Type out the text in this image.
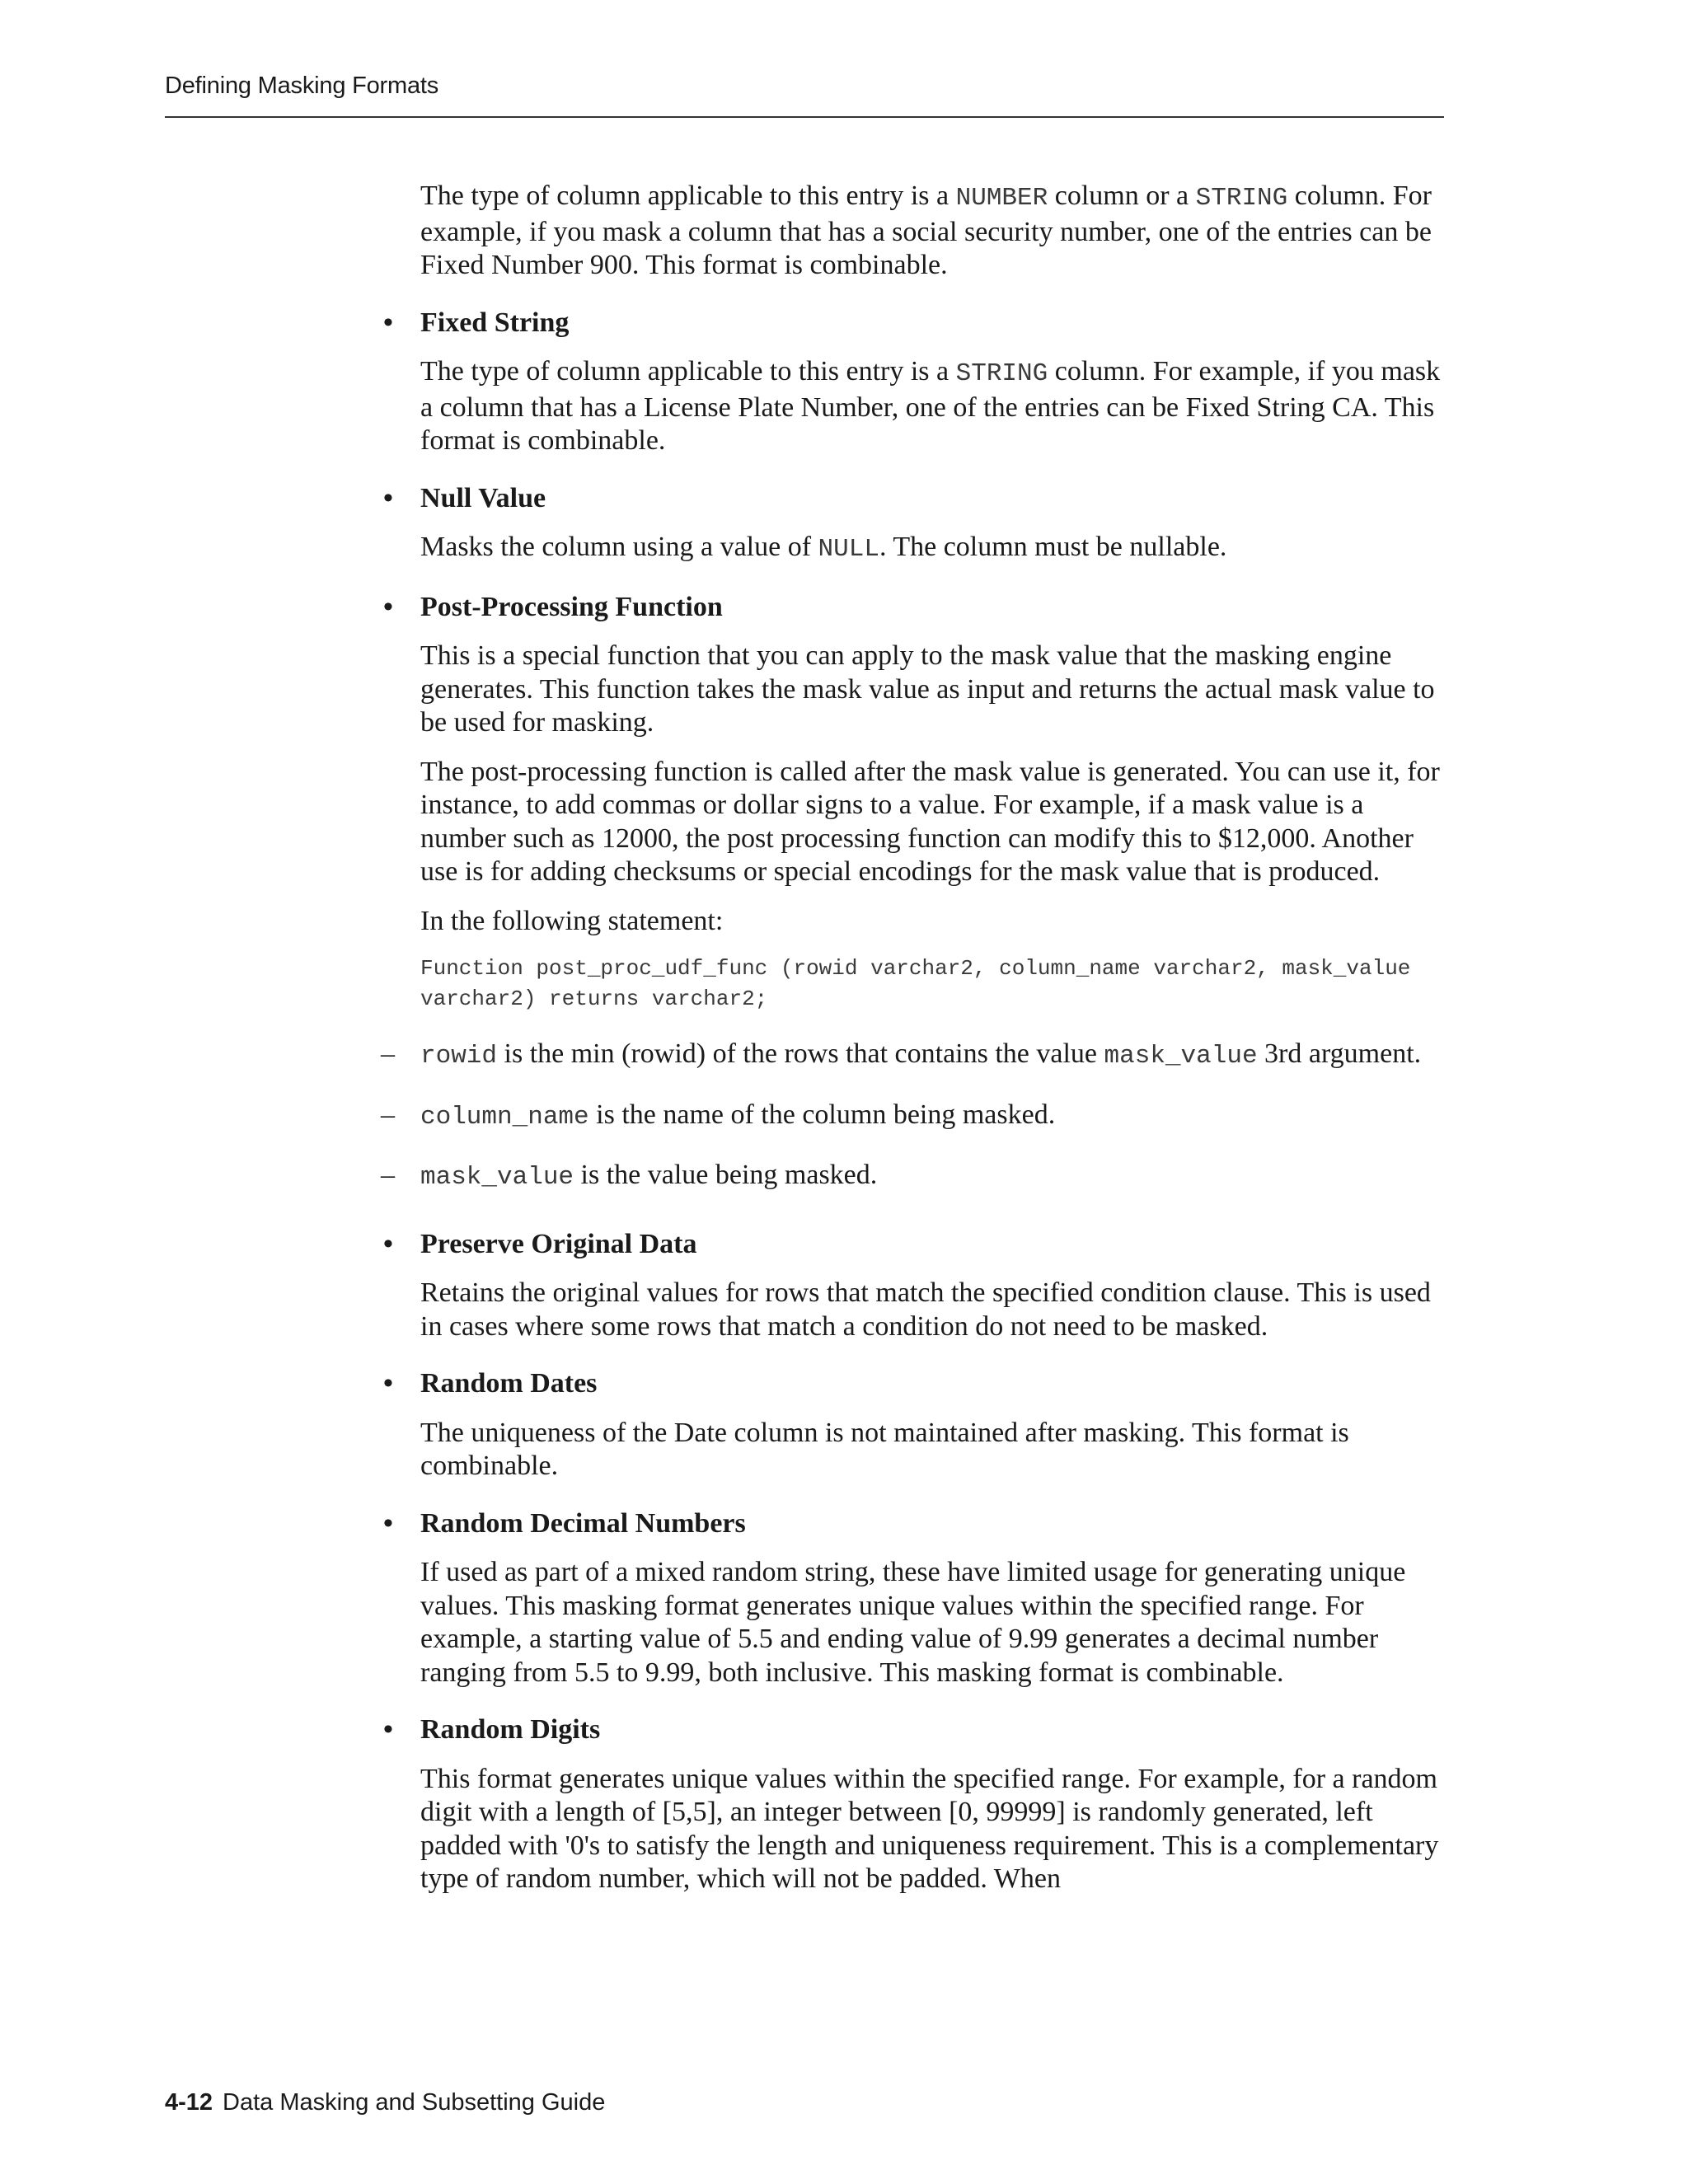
Defining Masking Formats

The type of column applicable to this entry is a NUMBER column or a STRING column. For example, if you mask a column that has a social security number, one of the entries can be Fixed Number 900. This format is combinable.

• Fixed String

The type of column applicable to this entry is a STRING column. For example, if you mask a column that has a License Plate Number, one of the entries can be Fixed String CA. This format is combinable.

• Null Value

Masks the column using a value of NULL. The column must be nullable.

• Post-Processing Function

This is a special function that you can apply to the mask value that the masking engine generates. This function takes the mask value as input and returns the actual mask value to be used for masking.

The post-processing function is called after the mask value is generated. You can use it, for instance, to add commas or dollar signs to a value. For example, if a mask value is a number such as 12000, the post processing function can modify this to $12,000. Another use is for adding checksums or special encodings for the mask value that is produced.

In the following statement:

Function post_proc_udf_func (rowid varchar2, column_name varchar2, mask_value
varchar2) returns varchar2;
– rowid is the min (rowid) of the rows that contains the value mask_value 3rd argument.
– column_name is the name of the column being masked.
– mask_value is the value being masked.
• Preserve Original Data

Retains the original values for rows that match the specified condition clause. This is used in cases where some rows that match a condition do not need to be masked.

• Random Dates

The uniqueness of the Date column is not maintained after masking. This format is combinable.

• Random Decimal Numbers

If used as part of a mixed random string, these have limited usage for generating unique values. This masking format generates unique values within the specified range. For example, a starting value of 5.5 and ending value of 9.99 generates a decimal number ranging from 5.5 to 9.99, both inclusive. This masking format is combinable.

• Random Digits

This format generates unique values within the specified range. For example, for a random digit with a length of [5,5], an integer between [0, 99999] is randomly generated, left padded with '0's to satisfy the length and uniqueness requirement. This is a complementary type of random number, which will not be padded. When

4-12 Data Masking and Subsetting Guide
